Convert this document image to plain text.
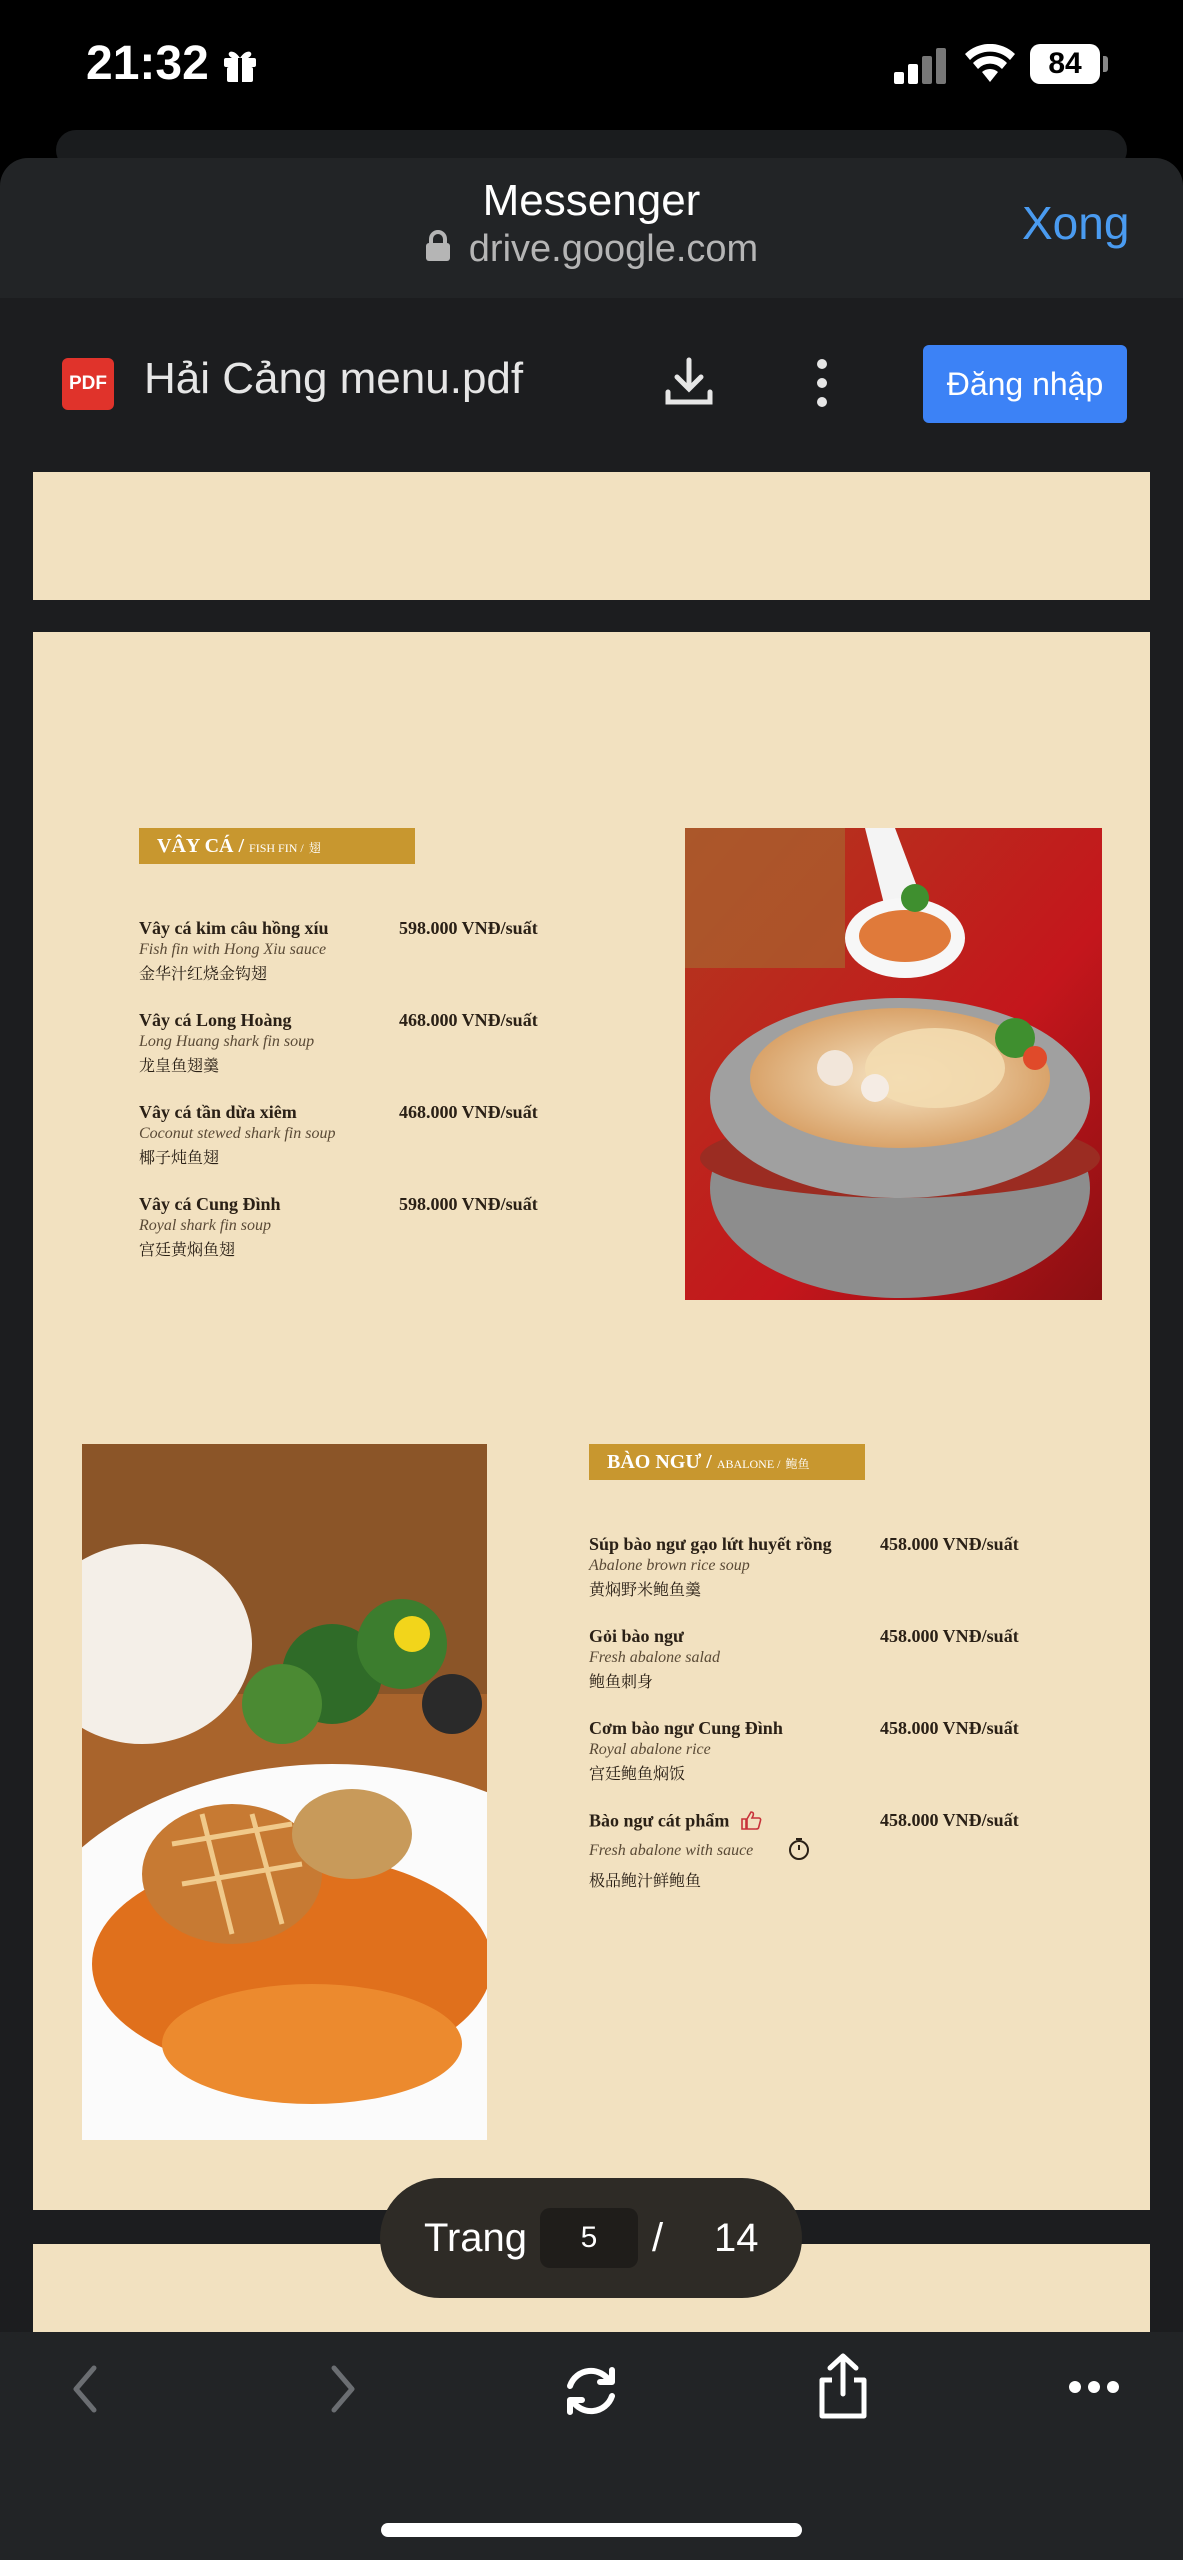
21:32	84
Messenger
drive.google.com	Xong
PDF Hải Cảng menu.pdf	Đăng nhập
VÂY CÁ / FISH FIN / 翅
Vây cá kim câu hồng xíu
Fish fin with Hong Xiu sauce
金华汁红烧金钩翅
598.000 VNĐ/suất
Vây cá Long Hoàng
Long Huang shark fin soup
龙皇鱼翅羹
468.000 VNĐ/suất
Vây cá tần dừa xiêm
Coconut stewed shark fin soup
椰子炖鱼翅
468.000 VNĐ/suất
Vây cá Cung Đình
Royal shark fin soup
宫廷黄焖鱼翅
598.000 VNĐ/suất
BÀO NGƯ / ABALONE / 鲍鱼
Súp bào ngư gạo lứt huyết rồng
Abalone brown rice soup
黄焖野米鲍鱼羹
458.000 VNĐ/suất
Gỏi bào ngư
Fresh abalone salad
鲍鱼刺身
458.000 VNĐ/suất
Cơm bào ngư Cung Đình
Royal abalone rice
宫廷鲍鱼焖饭
458.000 VNĐ/suất
Bào ngư cát phẩm
Fresh abalone with sauce
极品鲍汁鲜鲍鱼
458.000 VNĐ/suất
Trang	5	/ 14
